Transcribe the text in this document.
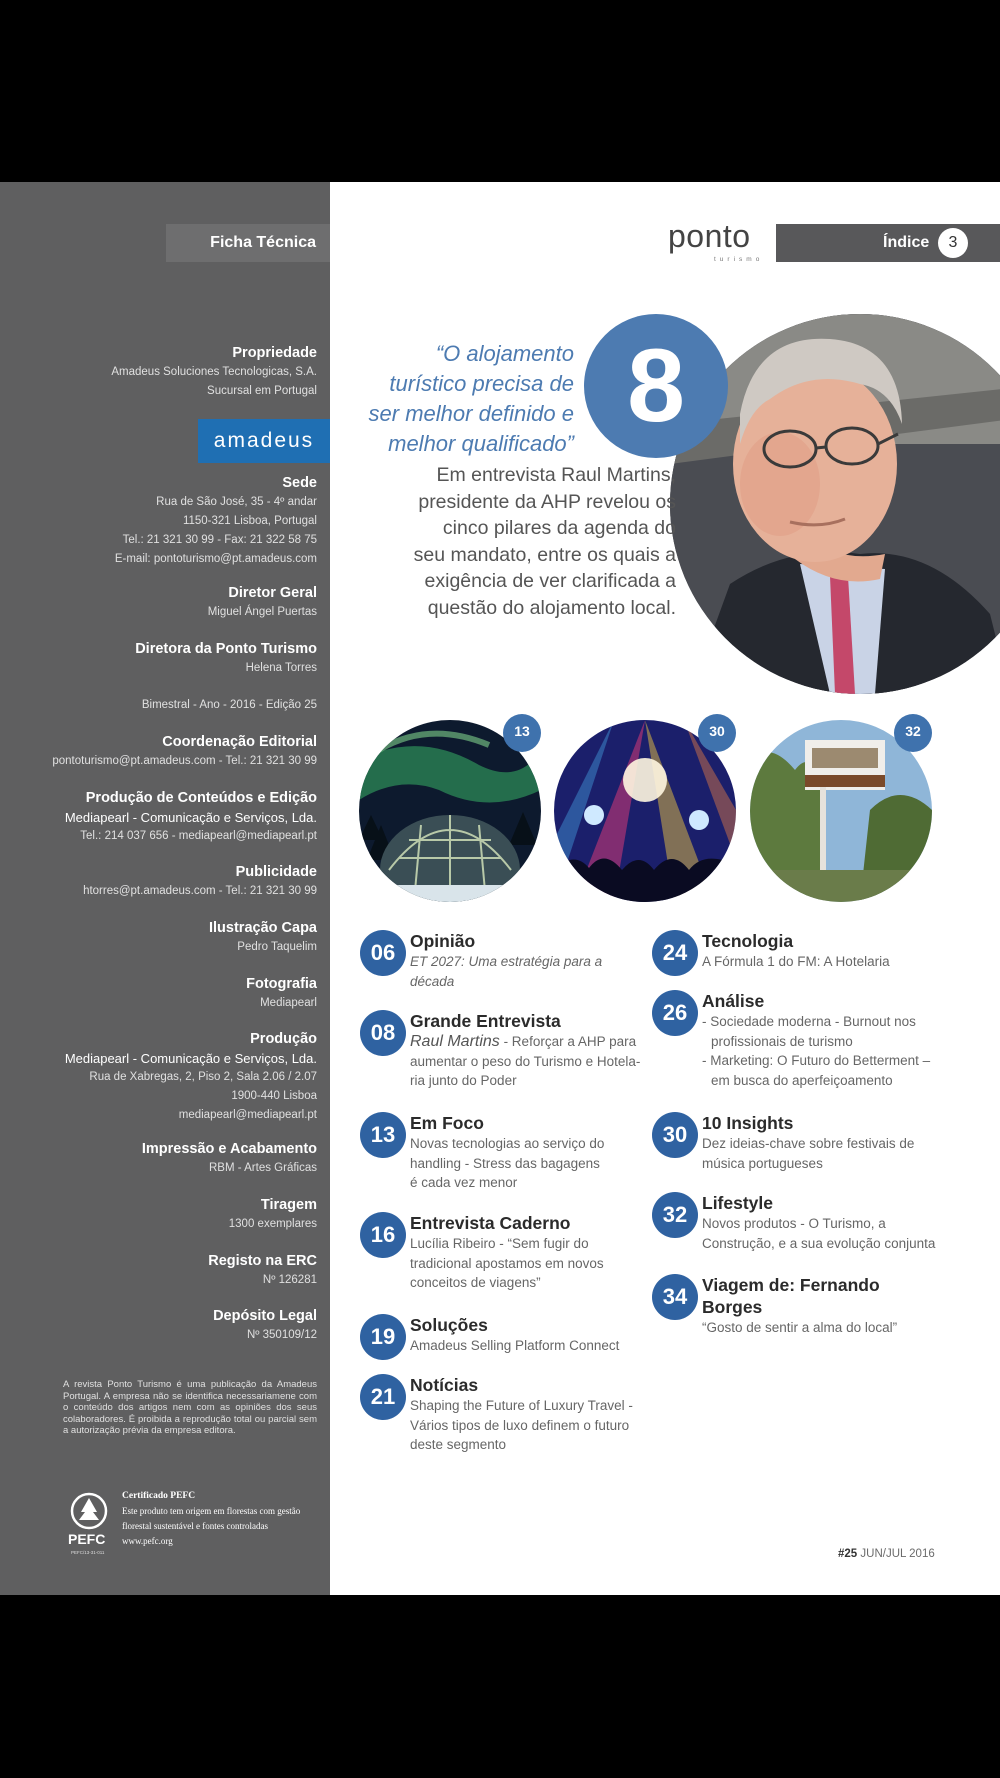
Ficha Técnica
Propriedade
Amadeus Soluciones Tecnologicas, S.A.
Sucursal em Portugal
amadeus
Sede
Rua de São José, 35 - 4º andar
1150-321 Lisboa, Portugal
Tel.: 21 321 30 99 - Fax: 21 322 58 75
E-mail: pontoturismo@pt.amadeus.com
Diretor Geral
Miguel Ángel Puertas
Diretora da Ponto Turismo
Helena Torres
Bimestral - Ano - 2016 - Edição 25
Coordenação Editorial
pontoturismo@pt.amadeus.com - Tel.: 21 321 30 99
Produção de Conteúdos e Edição
Mediapearl - Comunicação e Serviços, Lda.
Tel.: 214 037 656 - mediapearl@mediapearl.pt
Publicidade
htorres@pt.amadeus.com - Tel.: 21 321 30 99
Ilustração Capa
Pedro Taquelim
Fotografia
Mediapearl
Produção
Mediapearl - Comunicação e Serviços, Lda.
Rua de Xabregas, 2, Piso 2, Sala 2.06 / 2.07
1900-440 Lisboa
mediapearl@mediapearl.pt
Impressão e Acabamento
RBM - Artes Gráficas
Tiragem
1300 exemplares
Registo na ERC
Nº 126281
Depósito Legal
Nº 350109/12
A revista Ponto Turismo é uma publicação da Amadeus Portugal. A empresa não se identifica necessariamene com o conteúdo dos artigos nem com as opiniões dos seus colaboradores. É proibida a reprodução total ou parcial sem a autorização prévia da empresa editora.
PEFC
PEFC/13-31-011
Certificado PEFC
Este produto tem origem em florestas com gestão
florestal sustentável e fontes controladas
www.pefc.org
ponto
turismo
Índice	3
8
“O alojamento
turístico precisa de
ser melhor definido e
melhor qualificado”
Em entrevista Raul Martins,
presidente da AHP revelou os
cinco pilares da agenda do
seu mandato, entre os quais a
exigência de ver clarificada a
questão do alojamento local.
13	30	32
06 Opinião
ET 2027: Uma estratégia para a
década
08 Grande Entrevista
Raul Martins - Reforçar a AHP para
aumentar o peso do Turismo e Hotela-
ria junto do Poder
13 Em Foco
Novas tecnologias ao serviço do
handling - Stress das bagagens
é cada vez menor
16 Entrevista Caderno
Lucília Ribeiro - “Sem fugir do
tradicional apostamos em novos
conceitos de viagens”
19 Soluções
Amadeus Selling Platform Connect
21 Notícias
Shaping the Future of Luxury Travel -
Vários tipos de luxo definem o futuro
deste segmento
24 Tecnologia
A Fórmula 1 do FM: A Hotelaria
26 Análise
- Sociedade moderna - Burnout nos
profissionais de turismo
- Marketing: O Futuro do Betterment –
em busca do aperfeiçoamento
30 10 Insights
Dez ideias-chave sobre festivais de
música portugueses
32 Lifestyle
Novos produtos - O Turismo, a
Construção, e a sua evolução conjunta
34 Viagem de: Fernando Borges
“Gosto de sentir a alma do local”
#25 JUN/JUL 2016
